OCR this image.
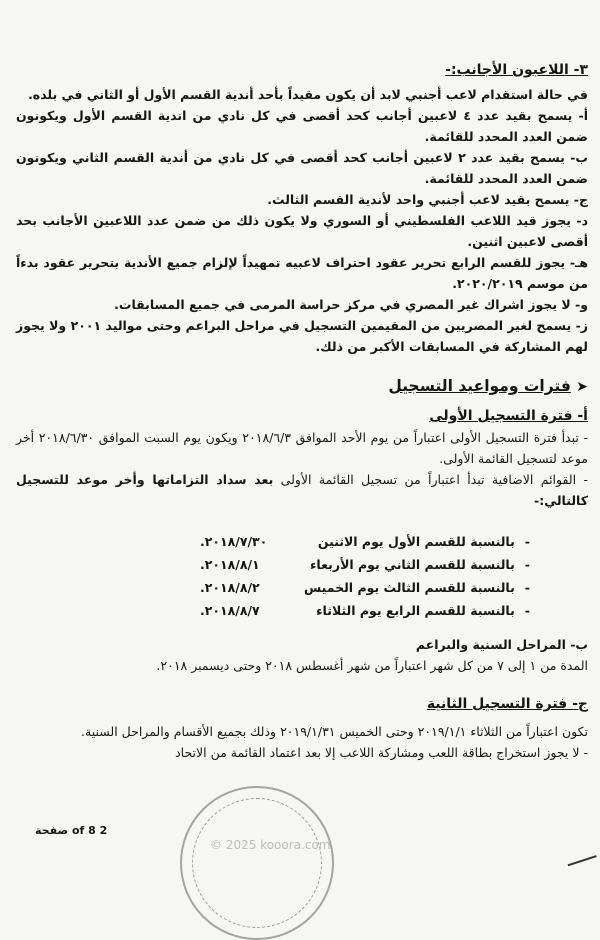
٣- اللاعبون الأجانب:-

في حالة استقدام لاعب أجنبي لابد أن يكون مقيداً بأحد أندية القسم الأول أو الثاني في بلده.

أ- يسمح بقيد عدد ٤ لاعبين أجانب كحد أقصى في كل نادي من اندية القسم الأول ويكونون ضمن العدد المحدد للقائمة.

ب- يسمح بقيد عدد ٢ لاعبين أجانب كحد أقصى في كل نادي من أندية القسم الثاني ويكونون ضمن العدد المحدد للقائمة.

ج- يسمح بقيد لاعب أجنبي واحد لأندية القسم الثالث.

د- يجوز قيد اللاعب الفلسطيني أو السوري ولا يكون ذلك من ضمن عدد اللاعبين الأجانب بحد أقصى لاعبين اثنين.

هـ- يجوز للقسم الرابع تحرير عقود احتراف لاعبيه تمهيداً لإلزام جميع الأندية بتحرير عقود بدءاً من موسم ٢٠٢٠/٢٠١٩.

و- لا يجوز اشراك غير المصري في مركز حراسة المرمى في جميع المسابقات.

ز- يسمح لغير المصريين من المقيمين التسجيل في مراحل البراعم وحتى مواليد ٢٠٠١ ولا يجوز لهم المشاركة في المسابقات الأكبر من ذلك.

➤ فترات ومواعيد التسجيل

أ- فترة التسجيل الأولى

- تبدأ فترة التسجيل الأولى اعتباراً من يوم الأحد الموافق ٢٠١٨/٦/٣ ويكون يوم السبت الموافق ٢٠١٨/٦/٣٠ أخر موعد لتسجيل القائمة الأولى.

- القوائم الاضافية تبدأ اعتباراً من تسجيل القائمة الأولى بعد سداد التزاماتها وأخر موعد للتسجيل كالتالي:-

-
بالنسبة للقسم الأول يوم الاثنين
٢٠١٨/٧/٣٠.
-
بالنسبة للقسم الثاني يوم الأربعاء
٢٠١٨/٨/١.
-
بالنسبة للقسم الثالث يوم الخميس
٢٠١٨/٨/٢.
-
بالنسبة للقسم الرابع يوم الثلاثاء
٢٠١٨/٨/٧.

ب- المراحل السنية والبراعم

المدة من ١ إلى ٧ من كل شهر اعتباراً من شهر أغسطس ٢٠١٨ وحتى ديسمبر ٢٠١٨.

ج- فترة التسجيل الثانية

تكون اعتباراً من الثلاثاء ٢٠١٩/١/١ وحتى الخميس ٢٠١٩/١/٣١ وذلك بجميع الأقسام والمراحل السنية.

- لا يجوز استخراج بطاقة اللعب ومشاركة اللاعب إلا بعد اعتماد القائمة من الاتحاد

© 2025 kooora.com
2 of 8 صفحة
